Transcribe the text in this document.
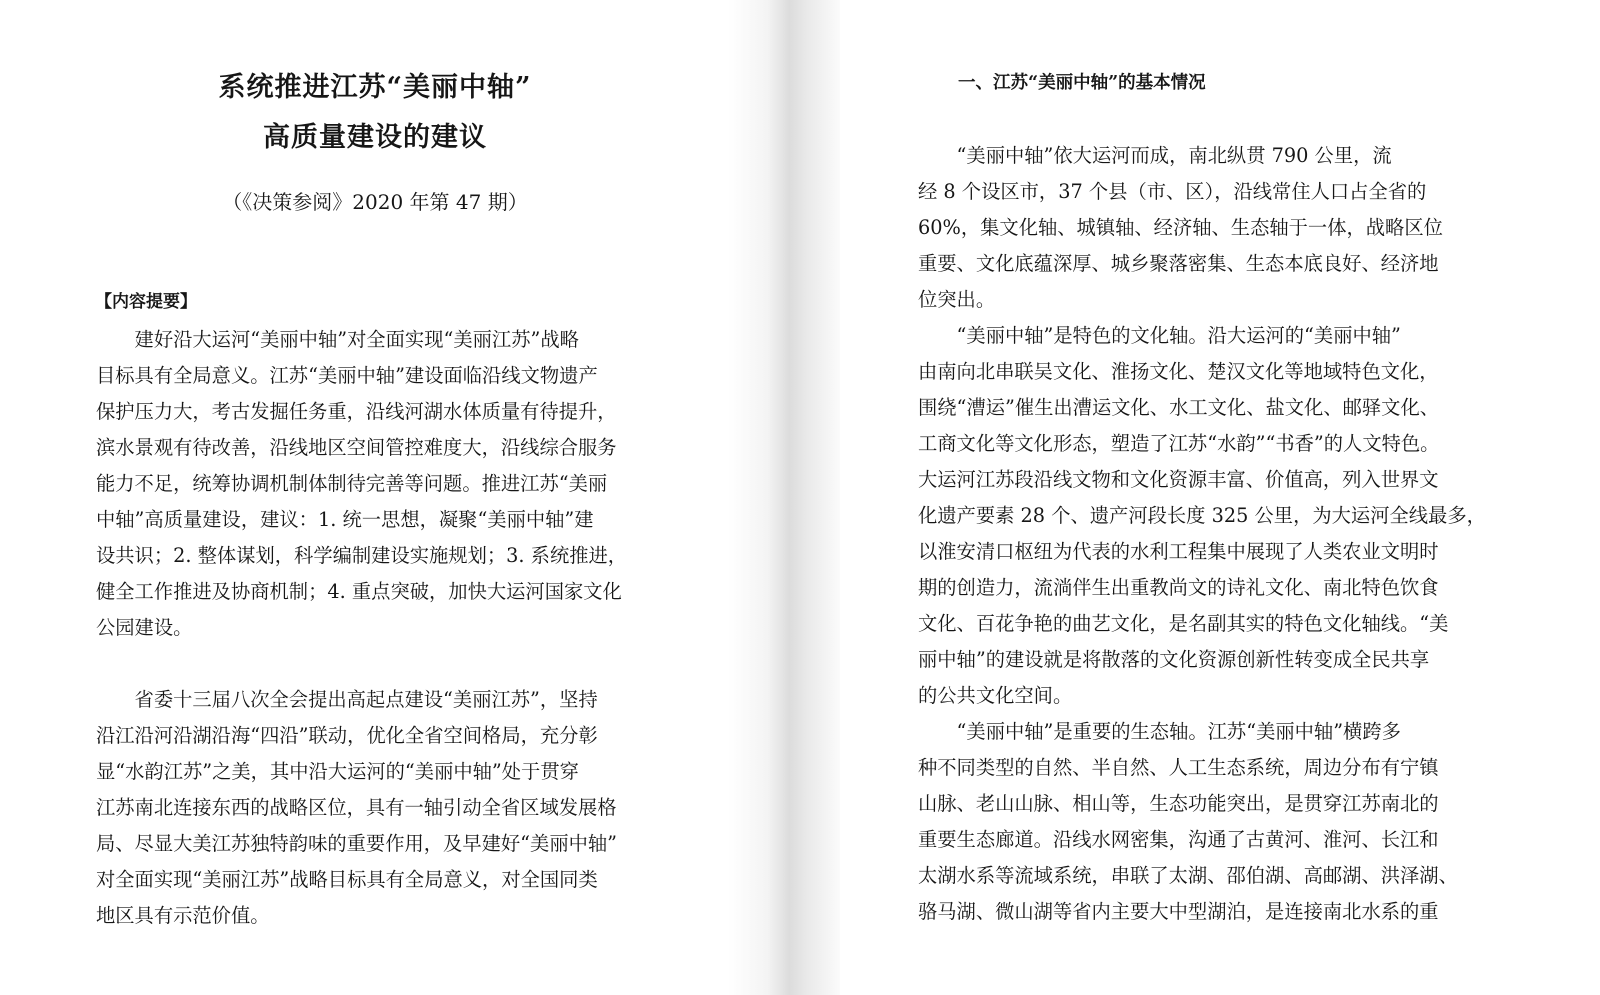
系统推进江苏“美丽中轴”
高质量建设的建议
（《决策参阅》2020 年第 47 期）
【内容提要】
　　建好沿大运河“美丽中轴”对全面实现“美丽江苏”战略
目标具有全局意义。江苏“美丽中轴”建设面临沿线文物遗产
保护压力大，考古发掘任务重，沿线河湖水体质量有待提升，
滨水景观有待改善，沿线地区空间管控难度大，沿线综合服务
能力不足，统筹协调机制体制待完善等问题。推进江苏“美丽
中轴”高质量建设，建议：1. 统一思想，凝聚“美丽中轴”建
设共识；2. 整体谋划，科学编制建设实施规划；3. 系统推进，
健全工作推进及协商机制；4. 重点突破，加快大运河国家文化
公园建设。
　　省委十三届八次全会提出高起点建设“美丽江苏”，坚持
沿江沿河沿湖沿海“四沿”联动，优化全省空间格局，充分彰
显“水韵江苏”之美，其中沿大运河的“美丽中轴”处于贯穿
江苏南北连接东西的战略区位，具有一轴引动全省区域发展格
局、尽显大美江苏独特韵味的重要作用，及早建好“美丽中轴”
对全面实现“美丽江苏”战略目标具有全局意义，对全国同类
地区具有示范价值。
一、江苏“美丽中轴”的基本情况
　　“美丽中轴”依大运河而成，南北纵贯 790 公里，流
经 8 个设区市，37 个县（市、区），沿线常住人口占全省的
60%，集文化轴、城镇轴、经济轴、生态轴于一体，战略区位
重要、文化底蕴深厚、城乡聚落密集、生态本底良好、经济地
位突出。
　　“美丽中轴”是特色的文化轴。沿大运河的“美丽中轴”
由南向北串联吴文化、淮扬文化、楚汉文化等地域特色文化，
围绕“漕运”催生出漕运文化、水工文化、盐文化、邮驿文化、
工商文化等文化形态，塑造了江苏“水韵”“书香”的人文特色。
大运河江苏段沿线文物和文化资源丰富、价值高，列入世界文
化遗产要素 28 个、遗产河段长度 325 公里，为大运河全线最多，
以淮安清口枢纽为代表的水利工程集中展现了人类农业文明时
期的创造力，流淌伴生出重教尚文的诗礼文化、南北特色饮食
文化、百花争艳的曲艺文化，是名副其实的特色文化轴线。“美
丽中轴”的建设就是将散落的文化资源创新性转变成全民共享
的公共文化空间。
　　“美丽中轴”是重要的生态轴。江苏“美丽中轴”横跨多
种不同类型的自然、半自然、人工生态系统，周边分布有宁镇
山脉、老山山脉、相山等，生态功能突出，是贯穿江苏南北的
重要生态廊道。沿线水网密集，沟通了古黄河、淮河、长江和
太湖水系等流域系统，串联了太湖、邵伯湖、高邮湖、洪泽湖、
骆马湖、微山湖等省内主要大中型湖泊，是连接南北水系的重
